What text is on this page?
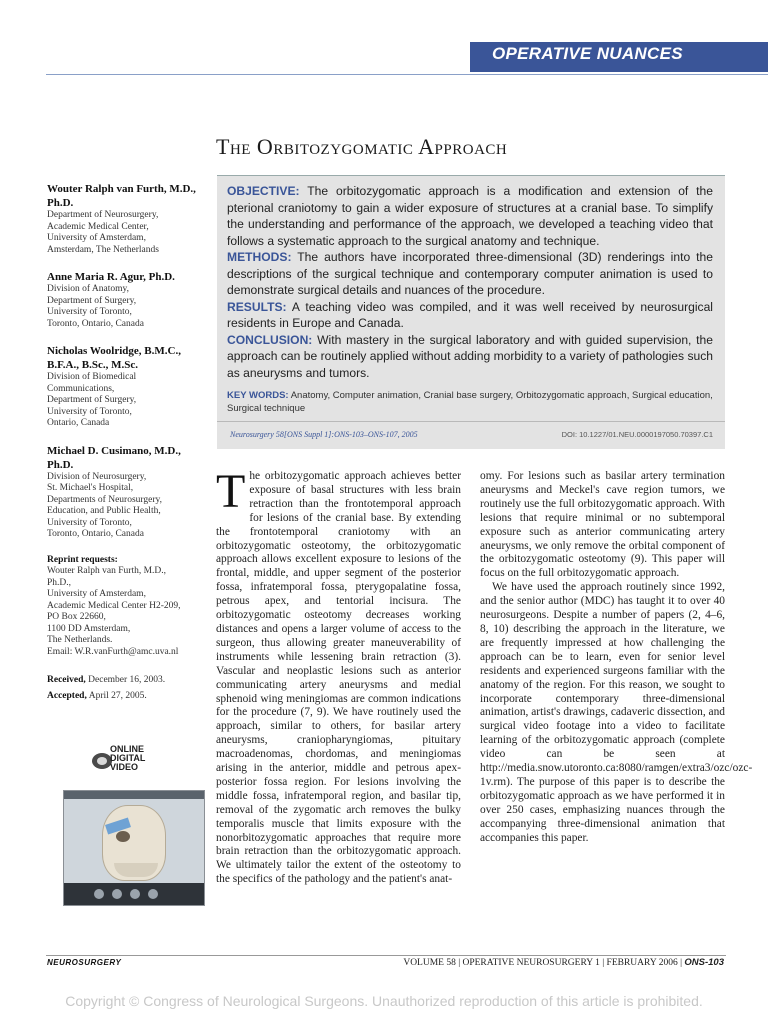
OPERATIVE NUANCES
The Orbitozygomatic Approach
Wouter Ralph van Furth, M.D., Ph.D.
Department of Neurosurgery,
Academic Medical Center,
University of Amsterdam,
Amsterdam, The Netherlands
Anne Maria R. Agur, Ph.D.
Division of Anatomy,
Department of Surgery,
University of Toronto,
Toronto, Ontario, Canada
Nicholas Woolridge, B.M.C., B.F.A., B.Sc., M.Sc.
Division of Biomedical
Communications,
Department of Surgery,
University of Toronto,
Ontario, Canada
Michael D. Cusimano, M.D., Ph.D.
Division of Neurosurgery,
St. Michael's Hospital,
Departments of Neurosurgery,
Education, and Public Health,
University of Toronto,
Toronto, Ontario, Canada
Reprint requests:
Wouter Ralph van Furth, M.D.,
Ph.D.,
University of Amsterdam,
Academic Medical Center H2-209,
PO Box 22660,
1100 DD Amsterdam,
The Netherlands.
Email: W.R.vanFurth@amc.uva.nl
Received, December 16, 2003.
Accepted, April 27, 2005.
ONLINE
DIGITAL
VIDEO

OBJECTIVE: The orbitozygomatic approach is a modification and extension of the pterional craniotomy to gain a wider exposure of structures at a cranial base. To simplify the understanding and performance of the approach, we developed a teaching video that follows a systematic approach to the surgical anatomy and technique.

METHODS: The authors have incorporated three-dimensional (3D) renderings into the descriptions of the surgical technique and contemporary computer animation is used to demonstrate surgical details and nuances of the procedure.

RESULTS: A teaching video was compiled, and it was well received by neurosurgical residents in Europe and Canada.

CONCLUSION: With mastery in the surgical laboratory and with guided supervision, the approach can be routinely applied without adding morbidity to a variety of pathologies such as aneurysms and tumors.

KEY WORDS: Anatomy, Computer animation, Cranial base surgery, Orbitozygomatic approach, Surgical education, Surgical technique
Neurosurgery 58[ONS Suppl 1]:ONS-103–ONS-107, 2005	DOI: 10.1227/01.NEU.0000197050.70397.C1

The orbitozygomatic approach achieves better exposure of basal structures with less brain retraction than the frontotemporal approach for lesions of the cranial base. By extending the frontotemporal craniotomy with an orbitozygomatic osteotomy, the orbitozygomatic approach allows excellent exposure to lesions of the frontal, middle, and upper segment of the posterior fossa, infratemporal fossa, pterygopalatine fossa, petrous apex, and tentorial incisura. The orbitozygomatic osteotomy decreases working distances and opens a larger volume of access to the surgeon, thus allowing greater maneuverability of instruments while lessening brain retraction (3). Vascular and neoplastic lesions such as anterior communicating artery aneurysms and medial sphenoid wing meningiomas are common indications for the procedure (7, 9). We have routinely used the approach, similar to others, for basilar artery aneurysms, craniopharyngiomas, pituitary macroadenomas, chordomas, and meningiomas arising in the anterior, middle and petrous apex-posterior fossa region. For lesions involving the middle fossa, infratemporal region, and basilar tip, removal of the zygomatic arch removes the bulky temporalis muscle that limits exposure with the nonorbitozygomatic approaches that require more brain retraction than the orbitozygomatic approach. We ultimately tailor the extent of the osteotomy to the specifics of the pathology and the patient's anat-

omy. For lesions such as basilar artery termination aneurysms and Meckel's cave region tumors, we routinely use the full orbitozygomatic approach. With lesions that require minimal or no subtemporal exposure such as anterior communicating artery aneurysms, we only remove the orbital component of the orbitozygomatic osteotomy (9). This paper will focus on the full orbitozygomatic approach.

We have used the approach routinely since 1992, and the senior author (MDC) has taught it to over 40 neurosurgeons. Despite a number of papers (2, 4–6, 8, 10) describing the approach in the literature, we are frequently impressed at how challenging the approach can be to learn, even for senior level residents and experienced surgeons familiar with the anatomy of the region. For this reason, we sought to incorporate contemporary three-dimensional animation, artist's drawings, cadaveric dissection, and surgical video footage into a video to facilitate learning of the orbitozygomatic approach (complete video can be seen at http://media.snow.utoronto.ca:8080/ramgen/extra3/ozc/ozc-1v.rm). The purpose of this paper is to describe the orbitozygomatic approach as we have performed it in over 250 cases, emphasizing nuances through the accompanying three-dimensional animation that accompanies this paper.

NEUROSURGERY	VOLUME 58 | OPERATIVE NEUROSURGERY 1 | FEBRUARY 2006 | ONS-103
Copyright © Congress of Neurological Surgeons. Unauthorized reproduction of this article is prohibited.
